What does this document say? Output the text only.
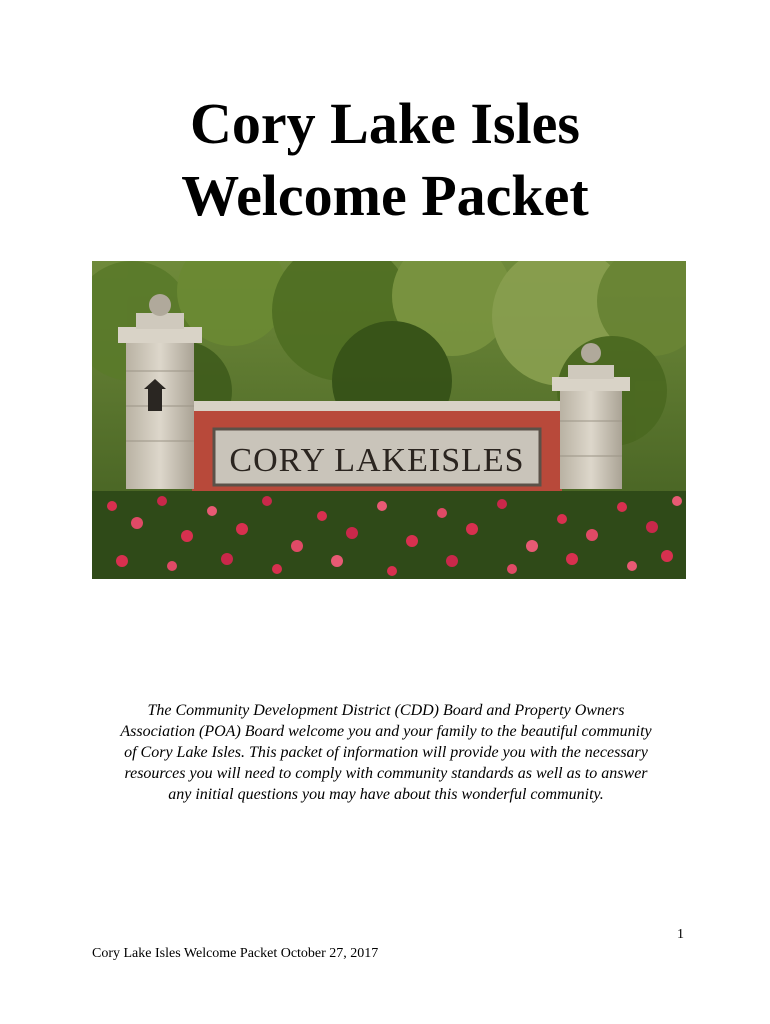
Cory Lake Isles
Welcome Packet
CORY LAKEISLES
The Community Development District (CDD) Board and Property Owners
Association (POA) Board welcome you and your family to the beautiful community
of Cory Lake Isles. This packet of information will provide you with the necessary
resources you will need to comply with community standards as well as to answer
any initial questions you may have about this wonderful community.
1
Cory Lake Isles Welcome Packet October 27, 2017
